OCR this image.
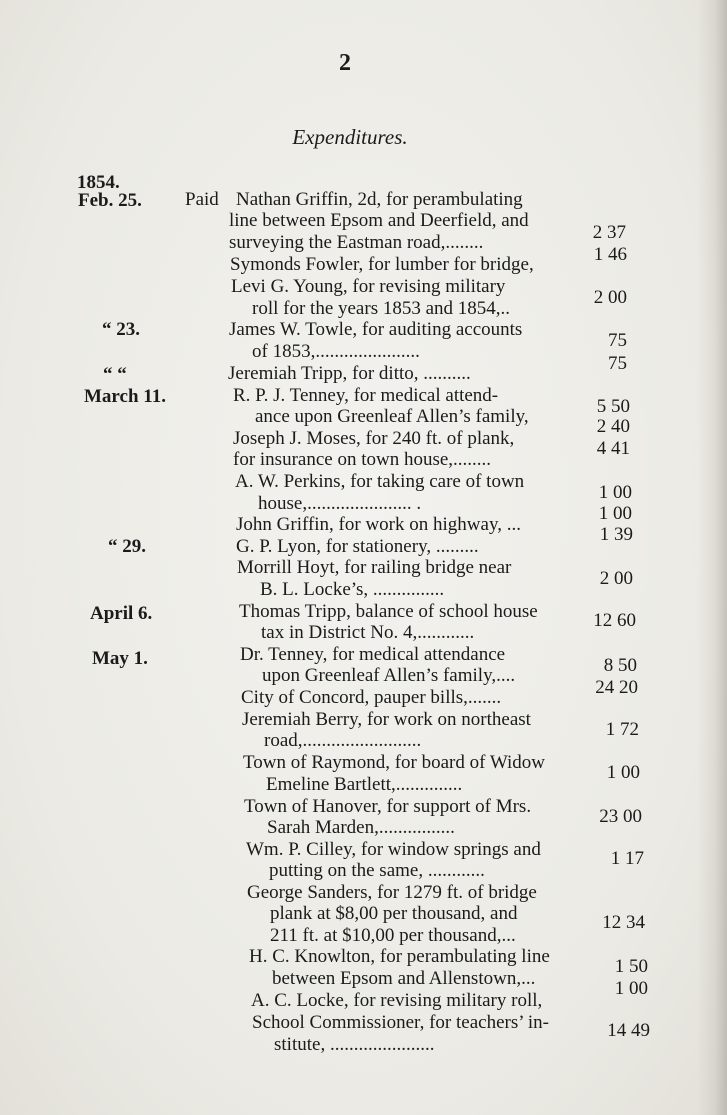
2
Expenditures.
1854.
Paid
Feb. 25.
“ 23.
“ “
March 11.
“ 29.
April 6.
May 1.
Nathan Griffin, 2d, for perambulating
line between Epsom and Deerfield, and
surveying the Eastman road,........
Symonds Fowler, for lumber for bridge,
Levi G. Young, for revising military
roll for the years 1853 and 1854,..
James W. Towle, for auditing accounts
of 1853,......................
Jeremiah Tripp, for ditto, ..........
R. P. J. Tenney, for medical attend-
ance upon Greenleaf Allen’s family,
Joseph J. Moses, for 240 ft. of plank,
for insurance on town house,........
A. W. Perkins, for taking care of town
house,...................... .
John Griffin, for work on highway, ...
G. P. Lyon, for stationery, .........
Morrill Hoyt, for railing bridge near
B. L. Locke’s, ...............
Thomas Tripp, balance of school house
tax in District No. 4,............
Dr. Tenney, for medical attendance
upon Greenleaf Allen’s family,....
City of Concord, pauper bills,.......
Jeremiah Berry, for work on northeast
road,.........................
Town of Raymond, for board of Widow
Emeline Bartlett,..............
Town of Hanover, for support of Mrs.
Sarah Marden,................
Wm. P. Cilley, for window springs and
putting on the same, ............
George Sanders, for 1279 ft. of bridge
plank at $8,00 per thousand, and
211 ft. at $10,00 per thousand,...
H. C. Knowlton, for perambulating line
between Epsom and Allenstown,...
A. C. Locke, for revising military roll,
School Commissioner, for teachers’ in-
stitute, ......................
2 37
1 46
2 00
75
75
5 50
2 40
4 41
1 00
1 00
1 39
2 00
12 60
8 50
24 20
1 72
1 00
23 00
1 17
12 34
1 50
1 00
14 49
